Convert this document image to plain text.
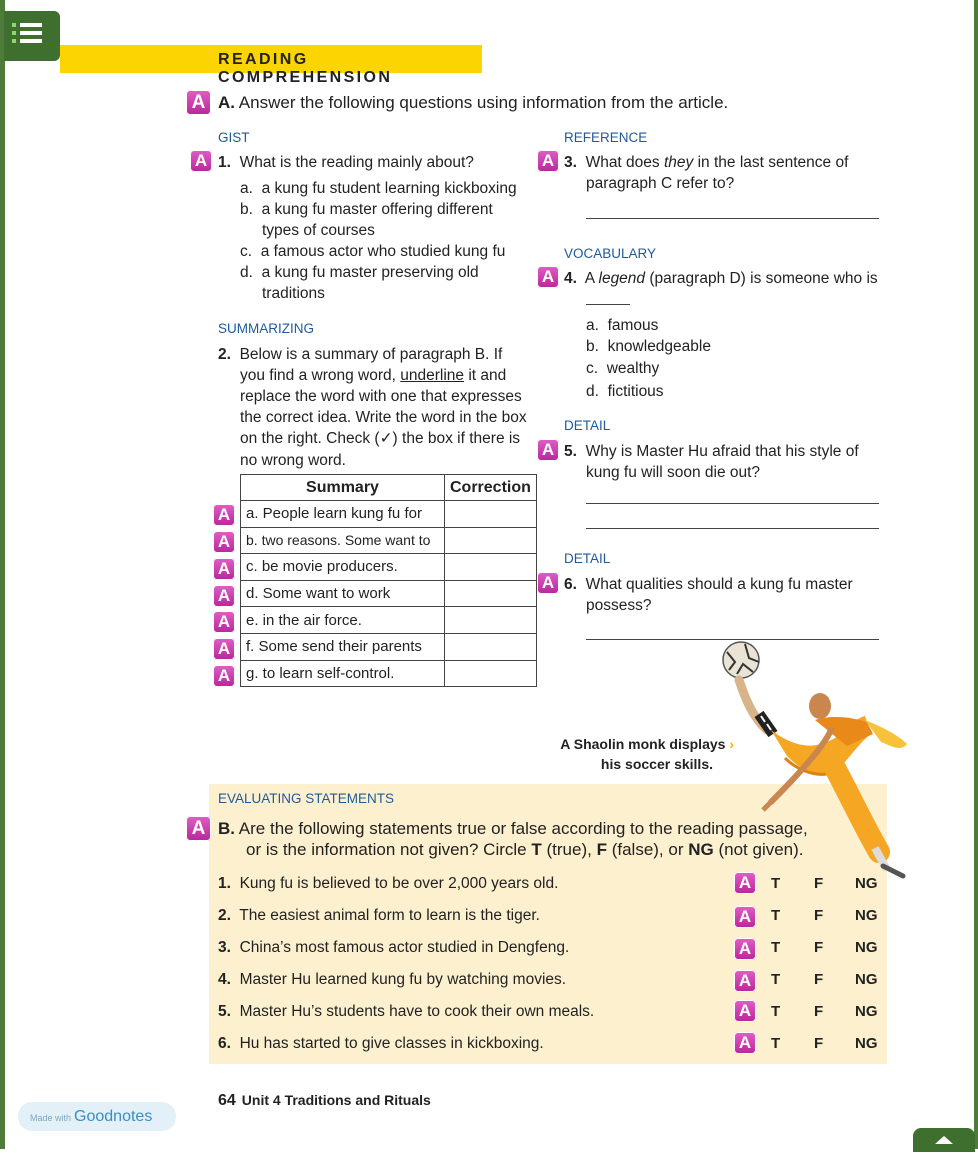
READING COMPREHENSION
A A. Answer the following questions using information from the article.
GIST
A 1. What is the reading mainly about?
a. a kung fu student learning kickboxing
b. a kung fu master offering different
types of courses
c. a famous actor who studied kung fu
d. a kung fu master preserving old
traditions
SUMMARIZING
2. Below is a summary of paragraph B. If
you find a wrong word, underline it and
replace the word with one that expresses
the correct idea. Write the word in the box
on the right. Check (✓) the box if there is
no wrong word.
Summary	Correction
a. People learn kung fu for	
b. two reasons. Some want to	
c. be movie producers.	
d. Some want to work	
e. in the air force.	
f. Some send their parents	
g. to learn self-control.	
A
A
A
A
A
A
A
REFERENCE
A 3. What does they in the last sentence of
paragraph C refer to?
VOCABULARY
A 4. A legend (paragraph D) is someone who is
a. famous
b. knowledgeable
c. wealthy
d. fictitious
DETAIL
A 5. Why is Master Hu afraid that his style of
kung fu will soon die out?
DETAIL
A 6. What qualities should a kung fu master
possess?
A Shaolin monk displays ›
his soccer skills.
EVALUATING STATEMENTS
A B. Are the following statements true or false according to the reading passage,
or is the information not given? Circle T (true), F (false), or NG (not given).
1. Kung fu is believed to be over 2,000 years old.	A	T F NG
2. The easiest animal form to learn is the tiger.	A	T F NG
3. China’s most famous actor studied in Dengfeng.	A	T F NG
4. Master Hu learned kung fu by watching movies.	A	T F NG
5. Master Hu’s students have to cook their own meals.	A	T F NG
6. Hu has started to give classes in kickboxing.	A	T F NG
64 Unit 4 Traditions and Rituals
Made with Goodnotes
